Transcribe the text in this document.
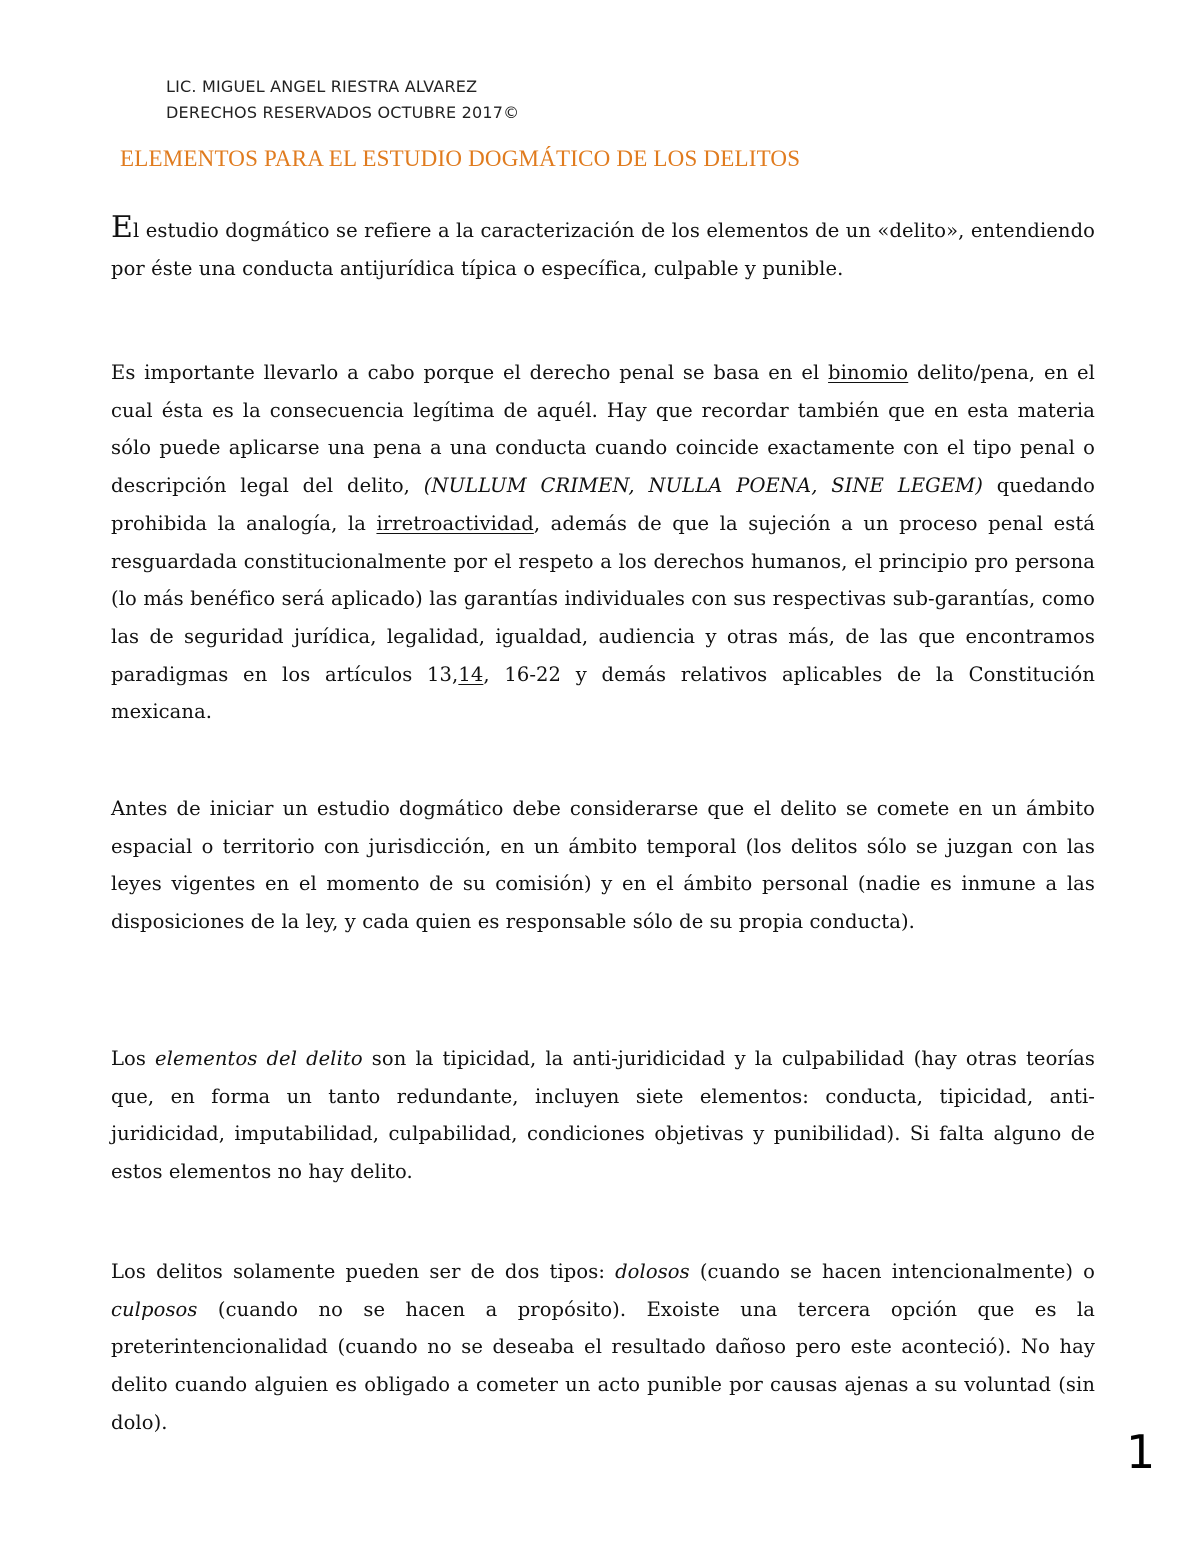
LIC. MIGUEL ANGEL RIESTRA ALVAREZ
DERECHOS RESERVADOS OCTUBRE 2017©
ELEMENTOS PARA EL ESTUDIO DOGMÁTICO DE LOS DELITOS

El estudio dogmático se refiere a la caracterización de los elementos de un «delito», entendiendo por éste una conducta antijurídica típica o específica, culpable y punible.

Es importante llevarlo a cabo porque el derecho penal se basa en el binomio delito/pena, en el cual ésta es la consecuencia legítima de aquél. Hay que recordar también que en esta materia sólo puede aplicarse una pena a una conducta cuando coincide exactamente con el tipo penal o descripción legal del delito, (NULLUM CRIMEN, NULLA POENA, SINE LEGEM) quedando prohibida la analogía, la irretroactividad, además de que la sujeción a un proceso penal está resguardada constitucionalmente por el respeto a los derechos humanos, el principio pro persona (lo más benéfico será aplicado) las garantías individuales con sus respectivas sub-garantías, como las de seguridad jurídica, legalidad, igualdad, audiencia y otras más, de las que encontramos paradigmas en los artículos 13,14, 16-22 y demás relativos aplicables de la Constitución mexicana.

Antes de iniciar un estudio dogmático debe considerarse que el delito se comete en un ámbito espacial o territorio con jurisdicción, en un ámbito temporal (los delitos sólo se juzgan con las leyes vigentes en el momento de su comisión) y en el ámbito personal (nadie es inmune a las disposiciones de la ley, y cada quien es responsable sólo de su propia conducta).

Los elementos del delito son la tipicidad, la anti-juridicidad y la culpabilidad (hay otras teorías que, en forma un tanto redundante, incluyen siete elementos: conducta, tipicidad, anti-juridicidad, imputabilidad, culpabilidad, condiciones objetivas y punibilidad). Si falta alguno de estos elementos no hay delito.

Los delitos solamente pueden ser de dos tipos: dolosos (cuando se hacen intencionalmente) o culposos (cuando no se hacen a propósito). Exoiste una tercera opción que es la preterintencionalidad (cuando no se deseaba el resultado dañoso pero este aconteció). No hay delito cuando alguien es obligado a cometer un acto punible por causas ajenas a su voluntad (sin dolo).

1
